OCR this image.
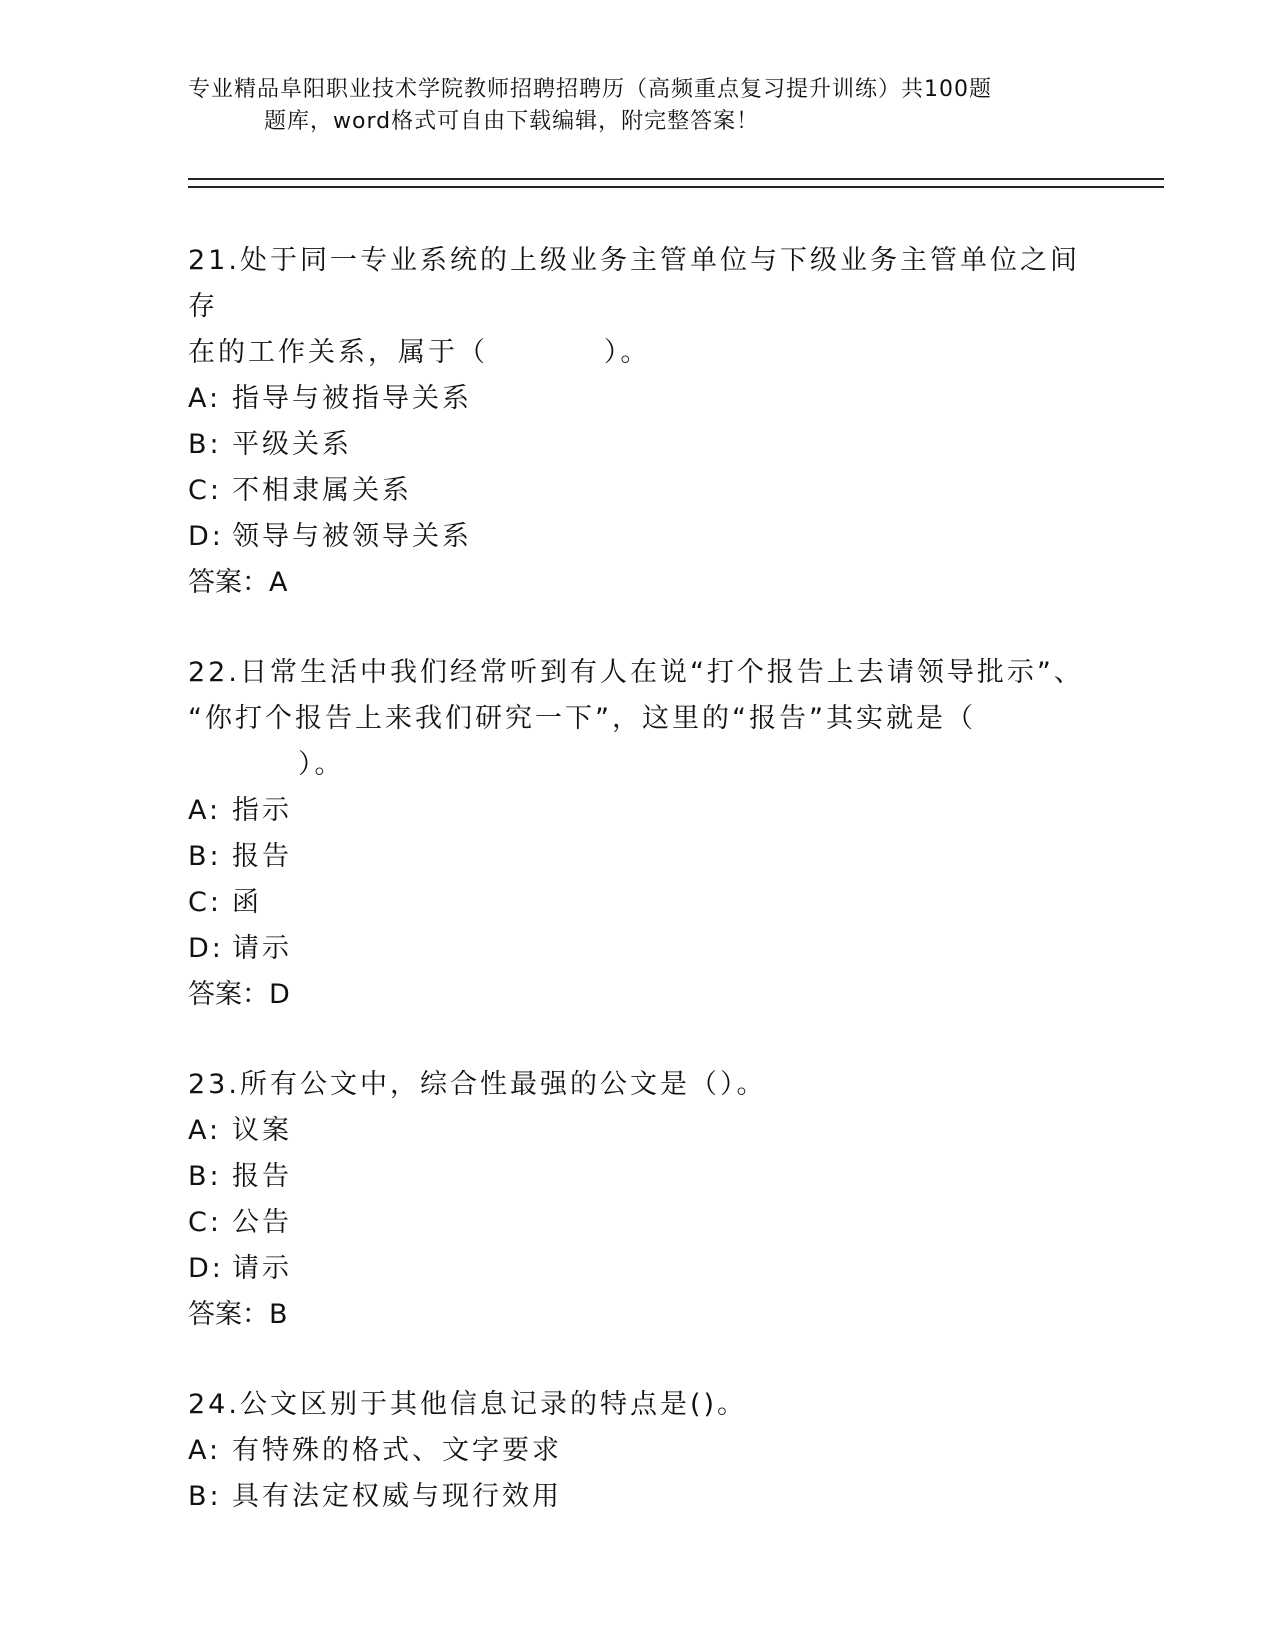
专业精品阜阳职业技术学院教师招聘招聘历（高频重点复习提升训练）共100题
题库，word格式可自由下载编辑，附完整答案！

21.处于同一专业系统的上级业务主管单位与下级业务主管单位之间存

在的工作关系，属于（          ）。

A: 指导与被指导关系

B: 平级关系

C: 不相隶属关系

D: 领导与被领导关系

答案：A

22.日常生活中我们经常听到有人在说“打个报告上去请领导批示”、

“你打个报告上来我们研究一下”，这里的“报告”其实就是（

）。

A: 指示

B: 报告

C: 函

D: 请示

答案：D

23.所有公文中，综合性最强的公文是（）。

A: 议案

B: 报告

C: 公告

D: 请示

答案：B

24.公文区别于其他信息记录的特点是()。

A: 有特殊的格式、文字要求

B: 具有法定权威与现行效用
